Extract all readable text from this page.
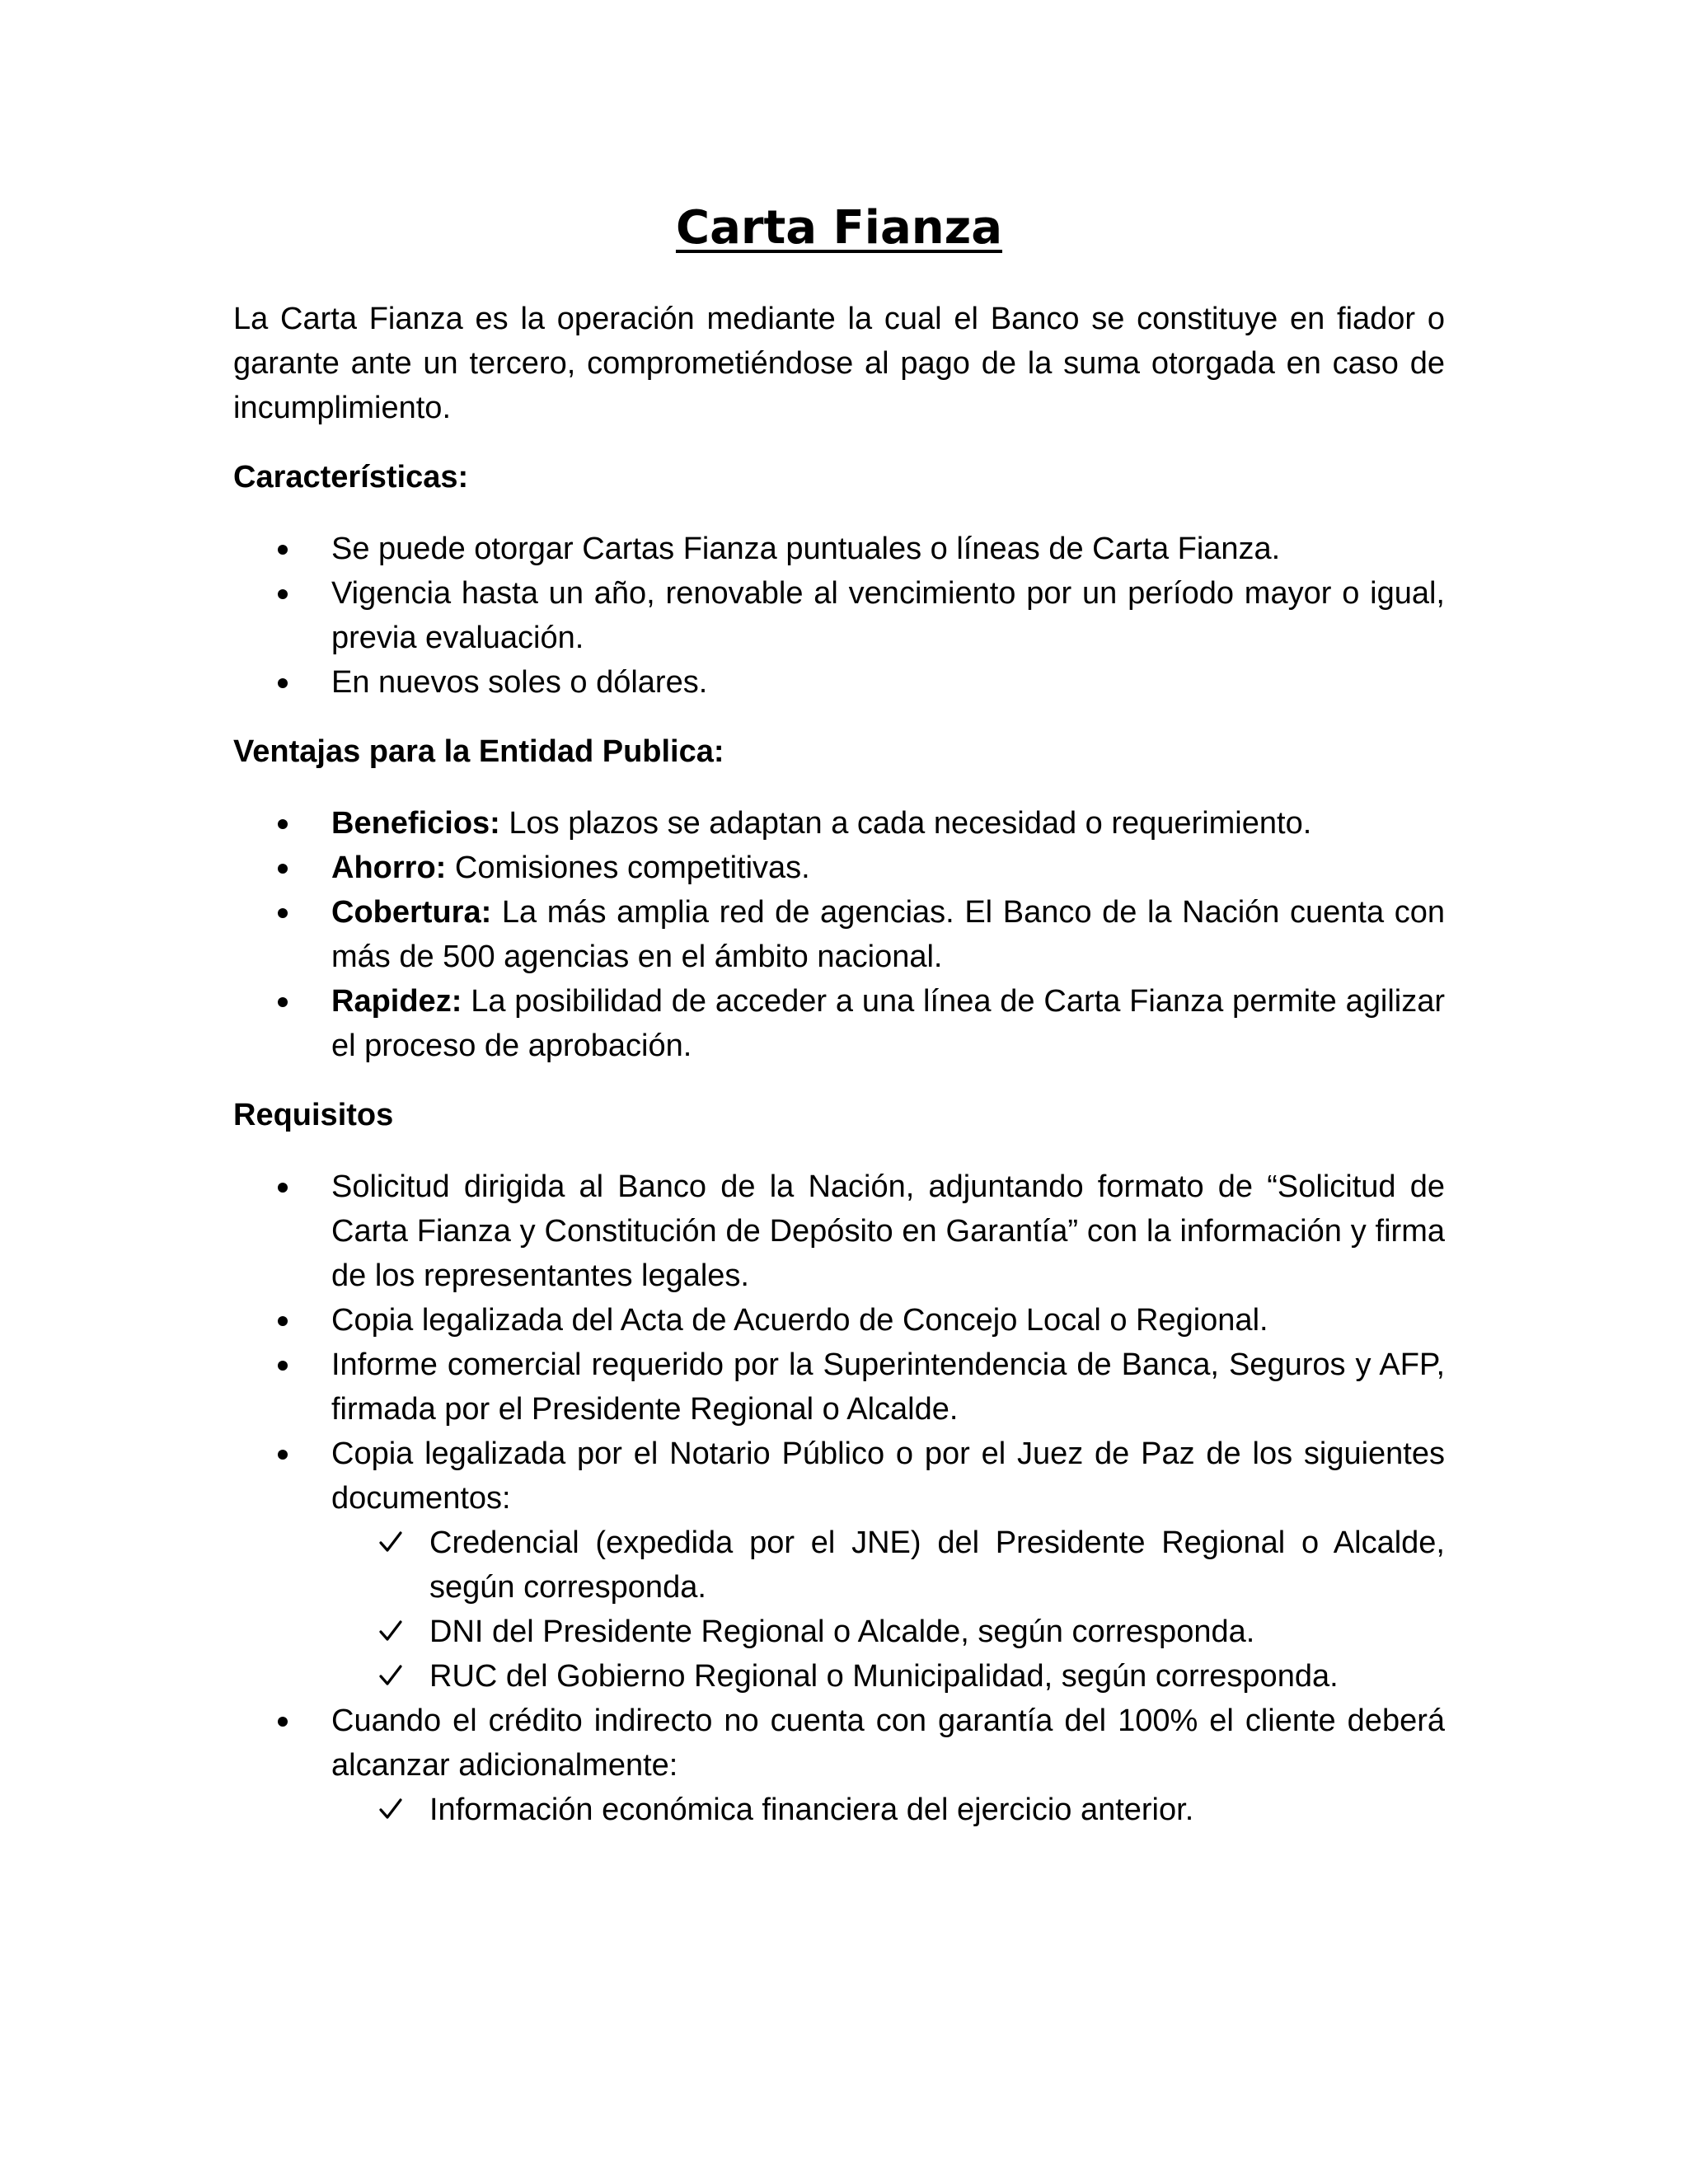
Carta Fianza

La Carta Fianza es la operación mediante la cual el Banco se constituye en fiador o garante ante un tercero, comprometiéndose al pago de la suma otorgada en caso de incumplimiento.

Características:
Se puede otorgar Cartas Fianza puntuales o líneas de Carta Fianza.
Vigencia hasta un año, renovable al vencimiento por un período mayor o igual, previa evaluación.
En nuevos soles o dólares.
Ventajas para la Entidad Publica:
Beneficios: Los plazos se adaptan a cada necesidad o requerimiento.
Ahorro: Comisiones competitivas.
Cobertura: La más amplia red de agencias. El Banco de la Nación cuenta con más de 500 agencias en el ámbito nacional.
Rapidez: La posibilidad de acceder a una línea de Carta Fianza permite agilizar el proceso de aprobación.
Requisitos
Solicitud dirigida al Banco de la Nación, adjuntando formato de “Solicitud de Carta Fianza y Constitución de Depósito en Garantía” con la información y firma de los representantes legales.
Copia legalizada del Acta de Acuerdo de Concejo Local o Regional.
Informe comercial requerido por la Superintendencia de Banca, Seguros y AFP, firmada por el Presidente Regional o Alcalde.
Copia legalizada por el Notario Público o por el Juez de Paz de los siguientes documentos:
Credencial (expedida por el JNE) del Presidente Regional o Alcalde, según corresponda.
DNI del Presidente Regional o Alcalde, según corresponda.
RUC del Gobierno Regional o Municipalidad, según corresponda.
Cuando el crédito indirecto no cuenta con garantía del 100% el cliente deberá alcanzar adicionalmente:
Información económica financiera del ejercicio anterior.
